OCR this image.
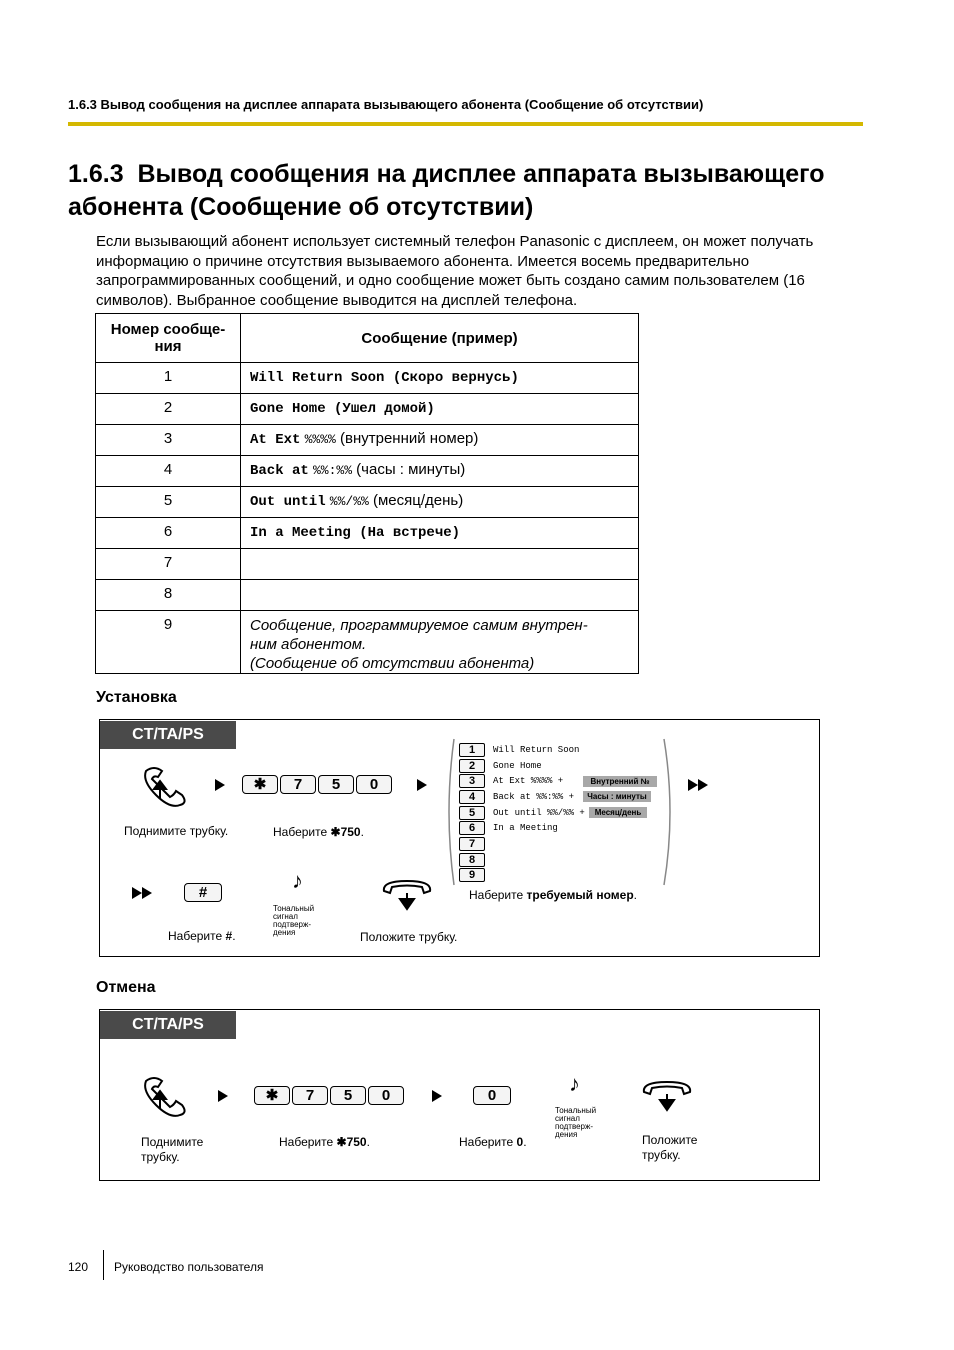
1.6.3 Вывод сообщения на дисплее аппарата вызывающего абонента (Сообщение об отсутствии)
1.6.3  Вывод сообщения на дисплее аппарата вызывающего
абонента (Сообщение об отсутствии)
Если вызывающий абонент использует системный телефон Panasonic с дисплеем, он может получать информацию о причине отсутствия вызываемого абонента. Имеется восемь предварительно запрограммированных сообщений, и одно сообщение может быть создано самим пользователем (16 символов). Выбранное сообщение выводится на дисплей телефона.
Номер сообще-
ния	Сообщение (пример)
1	Will Return Soon (Скоро вернусь)
2	Gone Home (Ушел домой)
3	At Ext %%%% (внутренний номер)
4	Back at %%:%% (часы : минуты)
5	Out until %%/%% (месяц/день)
6	In a Meeting (На встрече)
7	
8	
9	Сообщение, программируемое самим внутрен-
ним абонентом.
(Сообщение об отсутствии абонента)
Установка
CT/TA/PS
Поднимите трубку.
✱	7	5	0
Наберите ✱750.
1	Will Return Soon
2	Gone Home
3	At Ext %%%% +	Внутренний №
4	Back at %%:%% +	Часы : минуты
5	Out until %%/%% +	Месяц/день
6	In a Meeting
7
8
9
Наберите требуемый номер.
#
Наберите #.
♪
Тональный сигнал подтверж-дения	Положите трубку.
Отмена
CT/TA/PS
Поднимите трубку.
✱	7	5	0
Наберите ✱750.
0
Наберите 0.
♪
Тональный сигнал подтверж-дения	Положите трубку.
120 Руководство пользователя
